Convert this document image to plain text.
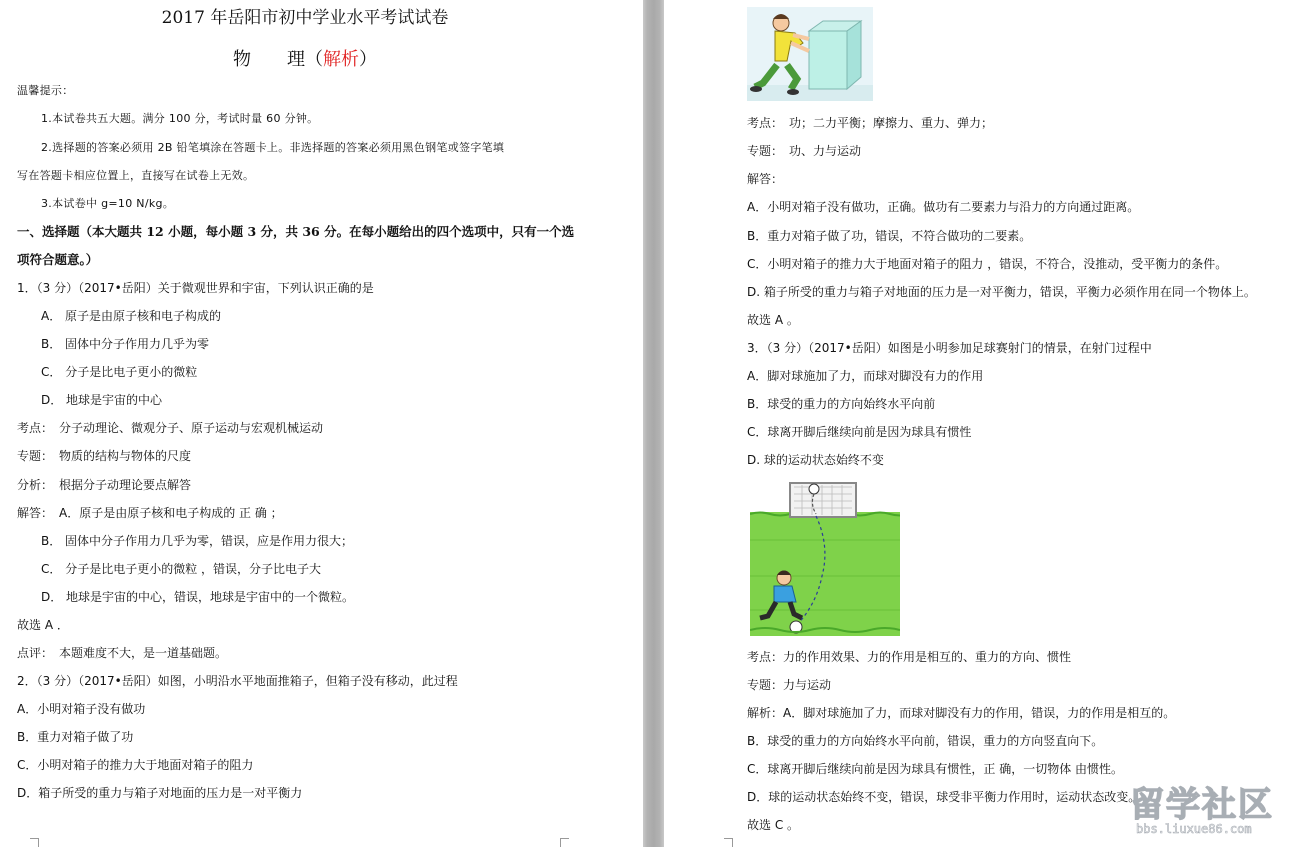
2017 年岳阳市初中学业水平考试试卷
物　　理（解析）
温馨提示：
1.本试卷共五大题。满分 100 分，考试时量 60 分钟。
2.选择题的答案必须用 2B 铅笔填涂在答题卡上。非选择题的答案必须用黑色钢笔或签字笔填
写在答题卡相应位置上，直接写在试卷上无效。
3.本试卷中 g=10 N/kg。
一、选择题（本大题共 12 小题，每小题 3 分，共 36 分。在每小题给出的四个选项中，只有一个选
项符合题意。）
1．（3 分）（2017•岳阳）关于微观世界和宇宙，下列认识正确的是
A． 原子是由原子核和电子构成的
B． 固体中分子作用力几乎为零
C． 分子是比电子更小的微粒
D． 地球是宇宙的中心
考点：　分子动理论、微观分子、原子运动与宏观机械运动
专题：　物质的结构与物体的尺度
分析：　根据分子动理论要点解答
解答：　A．原子是由原子核和电子构成的 正 确 ；
B． 固体中分子作用力几乎为零，错误，应是作用力很大；
C． 分子是比电子更小的微粒 ，错误，分子比电子大
D． 地球是宇宙的中心，错误，地球是宇宙中的一个微粒。
故选 A ．
点评：　本题难度不大，是一道基础题。
2．（3 分）（2017•岳阳）如图，小明沿水平地面推箱子，但箱子没有移动，此过程
A．小明对箱子没有做功
B．重力对箱子做了功
C．小明对箱子的推力大于地面对箱子的阻力
D．箱子所受的重力与箱子对地面的压力是一对平衡力
考点：　功；二力平衡；摩擦力、重力、弹力；
专题：　功、力与运动
解答：
A．小明对箱子没有做功，正确。做功有二要素力与沿力的方向通过距离。
B．重力对箱子做了功，错误，不符合做功的二要素。
C．小明对箱子的推力大于地面对箱子的阻力 ，错误，不符合，没推动，受平衡力的条件。
D. 箱子所受的重力与箱子对地面的压力是一对平衡力，错误，平衡力必须作用在同一个物体上。
故选 A 。
3．（3 分）（2017•岳阳）如图是小明参加足球赛射门的情景，在射门过程中
A．脚对球施加了力，而球对脚没有力的作用
B．球受的重力的方向始终水平向前
C．球离开脚后继续向前是因为球具有惯性
D. 球的运动状态始终不变
考点：力的作用效果、力的作用是相互的、重力的方向、惯性
专题：力与运动
解析：A．脚对球施加了力，而球对脚没有力的作用，错误，力的作用是相互的。
B．球受的重力的方向始终水平向前，错误，重力的方向竖直向下。
C．球离开脚后继续向前是因为球具有惯性，正 确，一切物体 由惯性。
D．球的运动状态始终不变，错误，球受非平衡力作用时，运动状态改变。
故选 C 。	留学社区
bbs.liuxue86.com
